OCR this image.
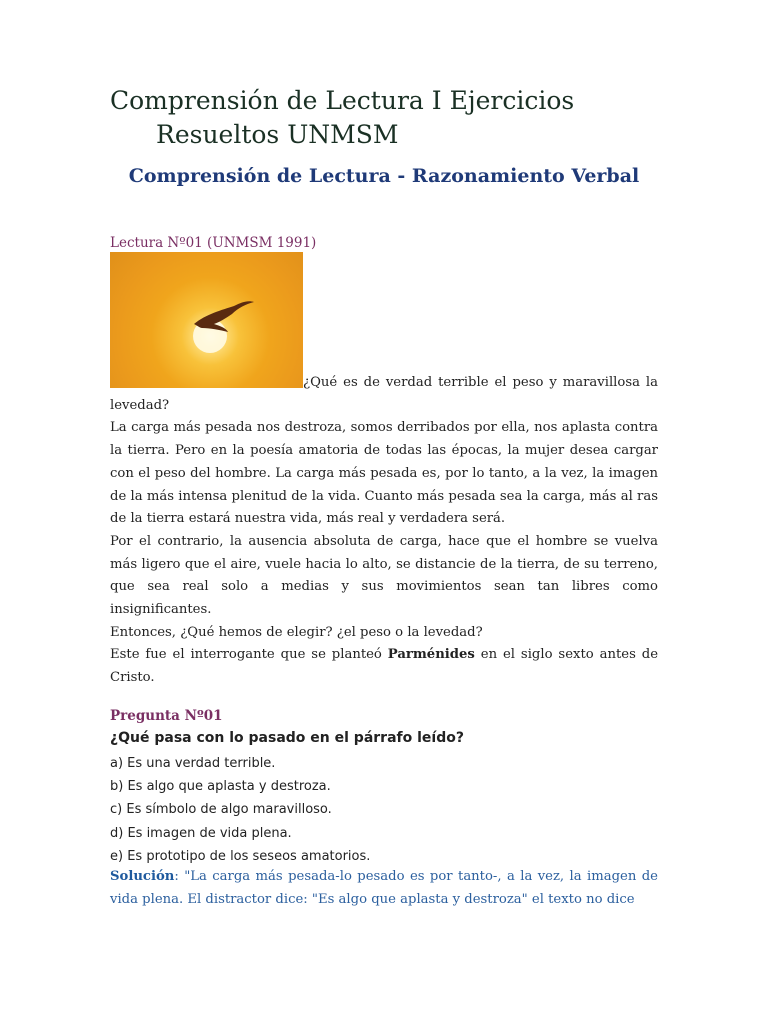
Comprensión de Lectura I Ejercicios
Resueltos UNMSM
Comprensión de Lectura - Razonamiento Verbal

Lectura Nº01 (UNMSM 1991)

¿Qué es de verdad terrible el peso y maravillosa la levedad?

La carga más pesada nos destroza, somos derribados por ella, nos aplasta contra la tierra. Pero en la poesía amatoria de todas las épocas, la mujer desea cargar con el peso del hombre. La carga más pesada es, por lo tanto, a la vez, la imagen de la más intensa plenitud de la vida. Cuanto más pesada sea la carga, más al ras de la tierra estará nuestra vida, más real y verdadera será.

Por el contrario, la ausencia absoluta de carga, hace que el hombre se vuelva más ligero que el aire, vuele hacia lo alto, se distancie de la tierra, de su terreno, que sea real solo a medias y sus movimientos sean tan libres como insignificantes.

Entonces, ¿Qué hemos de elegir? ¿el peso o la levedad?

Este fue el interrogante que se planteó Parménides en el siglo sexto antes de Cristo.

Pregunta Nº01

¿Qué pasa con lo pasado en el párrafo leído?

a) Es una verdad terrible.
b) Es algo que aplasta y destroza.
c) Es símbolo de algo maravilloso.
d) Es imagen de vida plena.
e) Es prototipo de los seseos amatorios.

Solución: "La carga más pesada-lo pesado es por tanto-, a la vez, la imagen de vida plena. El distractor dice: "Es algo que aplasta y destroza" el texto no dice
